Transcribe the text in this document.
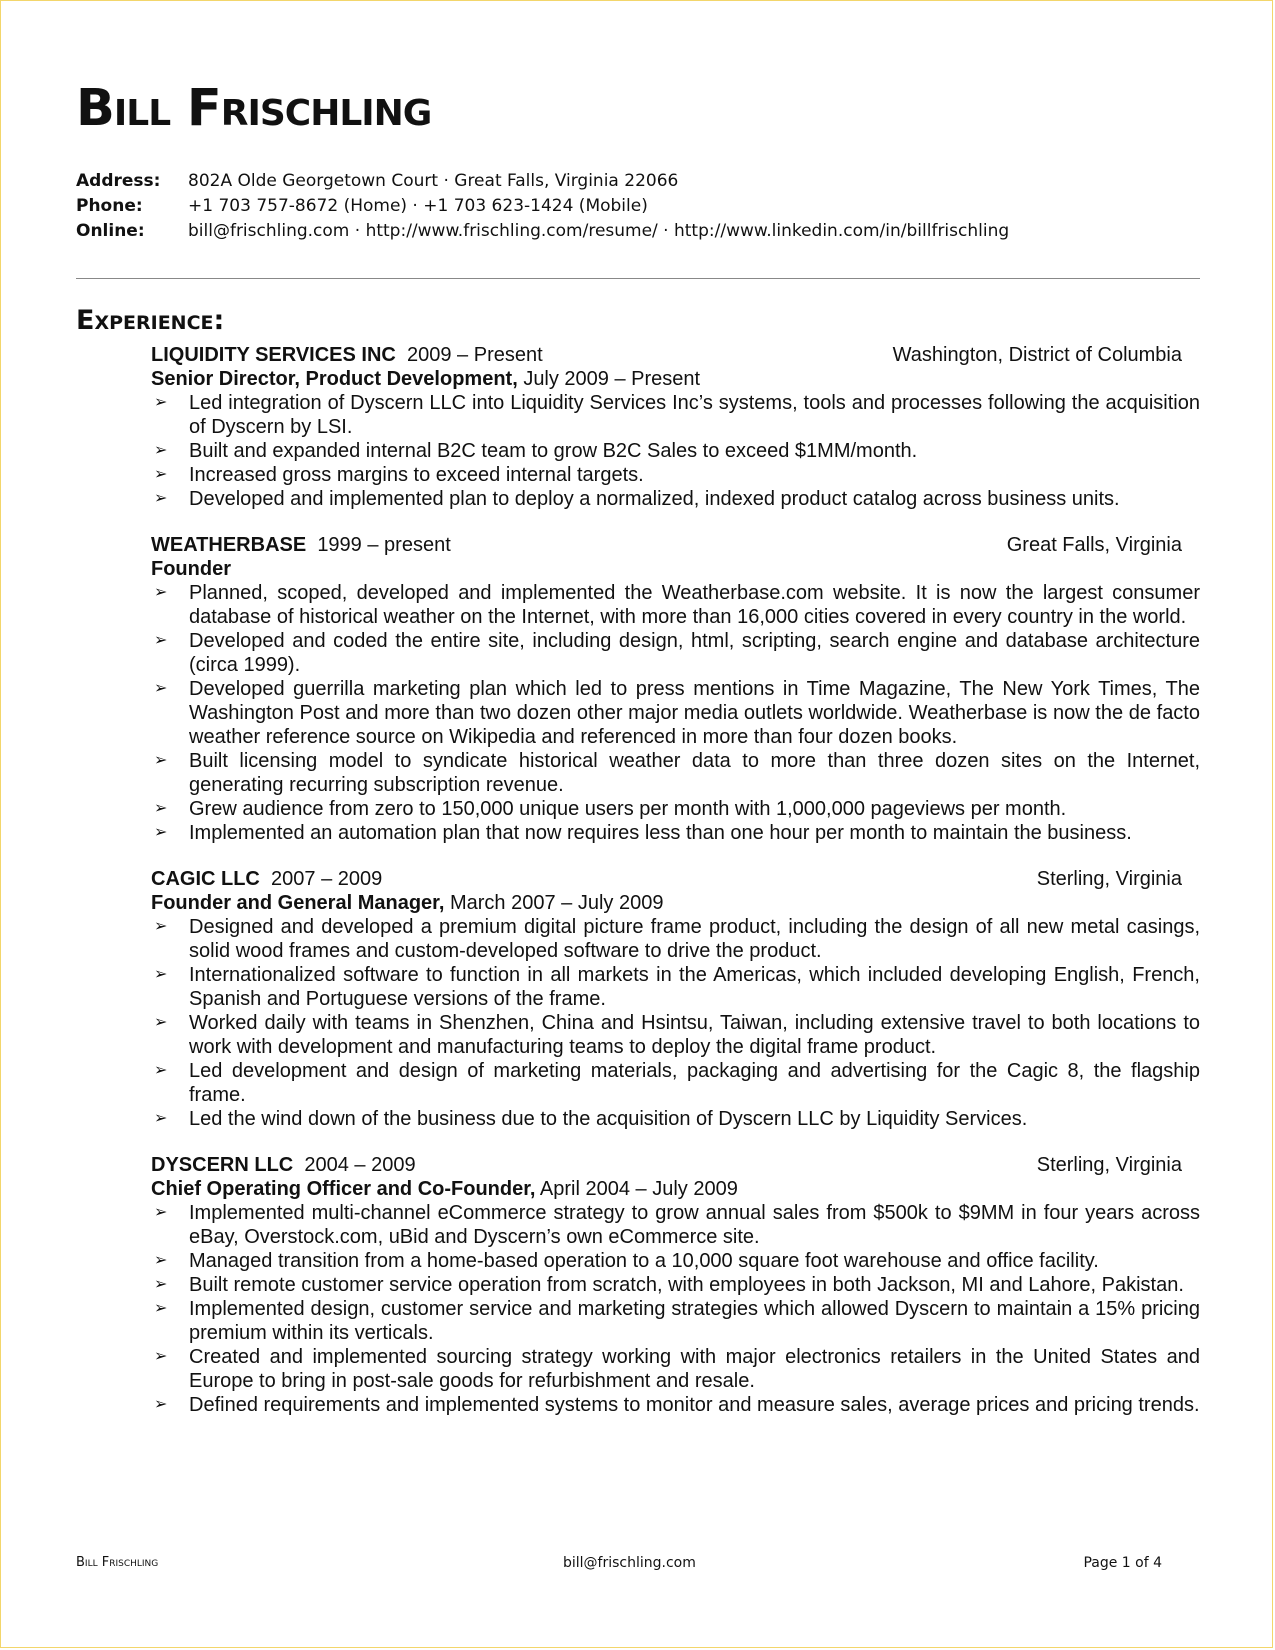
Bill Frischling
Address:	802A Olde Georgetown Court · Great Falls, Virginia 22066
Phone:	+1 703 757-8672 (Home) · +1 703 623-1424 (Mobile)
Online:	bill@frischling.com · http://www.frischling.com/resume/ · http://www.linkedin.com/in/billfrischling
Experience:
LIQUIDITY SERVICES INC 2009 – Present	Washington, District of Columbia
Senior Director, Product Development, July 2009 – Present
➢ Led integration of Dyscern LLC into Liquidity Services Inc’s systems, tools and processes following the acquisition of Dyscern by LSI.
➢ Built and expanded internal B2C team to grow B2C Sales to exceed $1MM/month.
➢ Increased gross margins to exceed internal targets.
➢ Developed and implemented plan to deploy a normalized, indexed product catalog across business units.
WEATHERBASE 1999 – present	Great Falls, Virginia
Founder
➢ Planned, scoped, developed and implemented the Weatherbase.com website. It is now the largest consumer database of historical weather on the Internet, with more than 16,000 cities covered in every country in the world.
➢ Developed and coded the entire site, including design, html, scripting, search engine and database architecture (circa 1999).
➢ Developed guerrilla marketing plan which led to press mentions in Time Magazine, The New York Times, The Washington Post and more than two dozen other major media outlets worldwide. Weatherbase is now the de facto weather reference source on Wikipedia and referenced in more than four dozen books.
➢ Built licensing model to syndicate historical weather data to more than three dozen sites on the Internet, generating recurring subscription revenue.
➢ Grew audience from zero to 150,000 unique users per month with 1,000,000 pageviews per month.
➢ Implemented an automation plan that now requires less than one hour per month to maintain the business.
CAGIC LLC 2007 – 2009	Sterling, Virginia
Founder and General Manager, March 2007 – July 2009
➢ Designed and developed a premium digital picture frame product, including the design of all new metal casings, solid wood frames and custom-developed software to drive the product.
➢ Internationalized software to function in all markets in the Americas, which included developing English, French, Spanish and Portuguese versions of the frame.
➢ Worked daily with teams in Shenzhen, China and Hsintsu, Taiwan, including extensive travel to both locations to work with development and manufacturing teams to deploy the digital frame product.
➢ Led development and design of marketing materials, packaging and advertising for the Cagic 8, the flagship frame.
➢ Led the wind down of the business due to the acquisition of Dyscern LLC by Liquidity Services.
DYSCERN LLC 2004 – 2009	Sterling, Virginia
Chief Operating Officer and Co-Founder, April 2004 – July 2009
➢ Implemented multi-channel eCommerce strategy to grow annual sales from $500k to $9MM in four years across eBay, Overstock.com, uBid and Dyscern’s own eCommerce site.
➢ Managed transition from a home-based operation to a 10,000 square foot warehouse and office facility.
➢ Built remote customer service operation from scratch, with employees in both Jackson, MI and Lahore, Pakistan.
➢ Implemented design, customer service and marketing strategies which allowed Dyscern to maintain a 15% pricing premium within its verticals.
➢ Created and implemented sourcing strategy working with major electronics retailers in the United States and Europe to bring in post-sale goods for refurbishment and resale.
➢ Defined requirements and implemented systems to monitor and measure sales, average prices and pricing trends.
Bill Frischling	bill@frischling.com	Page 1 of 4
